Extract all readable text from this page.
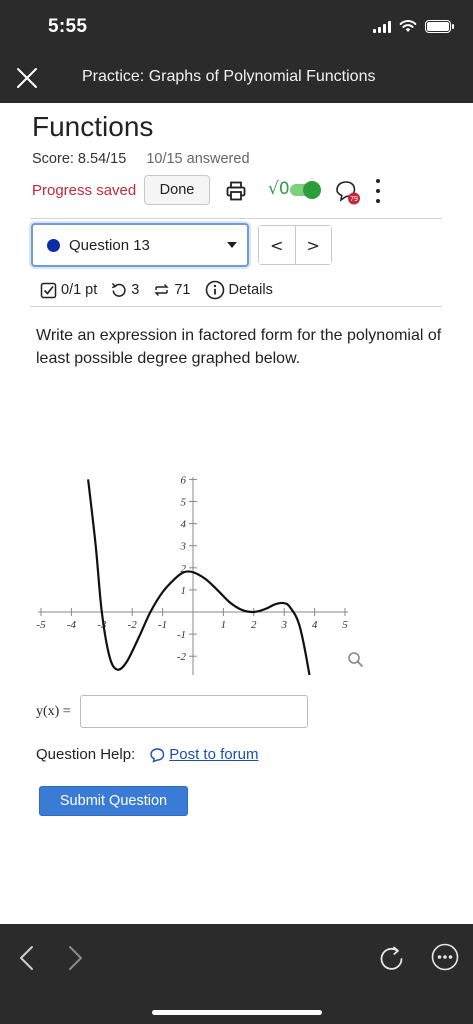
5:55
Practice: Graphs of Polynomial Functions
Functions
Score: 8.54/15 10/15 answered
Progress saved	Done	√0
79
Question 13	<	>
0/1 pt 3 71	Details
Write an expression in factored form for the polynomial of least possible degree graphed below.
-5 -4 -3 -2 -1	1 2 3 4 5
6
5
4
3
2
1
-1
-2
y(x) =
Question Help: Post to forum
Submit Question
